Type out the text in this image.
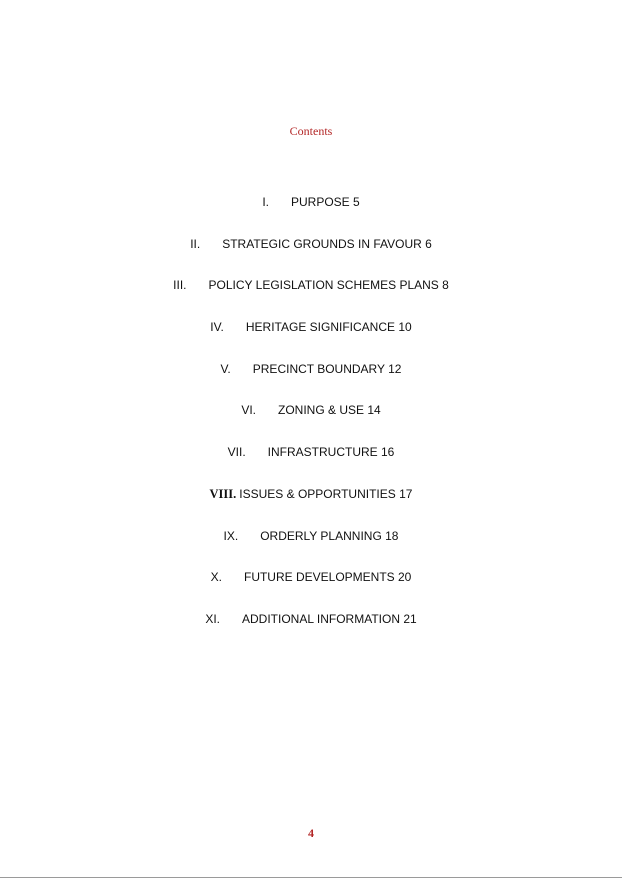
Contents
I. PURPOSE 5
II. STRATEGIC GROUNDS IN FAVOUR 6
III. POLICY LEGISLATION SCHEMES PLANS 8
IV. HERITAGE SIGNIFICANCE 10
V. PRECINCT BOUNDARY 12
VI. ZONING & USE 14
VII. INFRASTRUCTURE 16
VIII. ISSUES & OPPORTUNITIES 17
IX. ORDERLY PLANNING 18
X. FUTURE DEVELOPMENTS 20
XI. ADDITIONAL INFORMATION 21
4
